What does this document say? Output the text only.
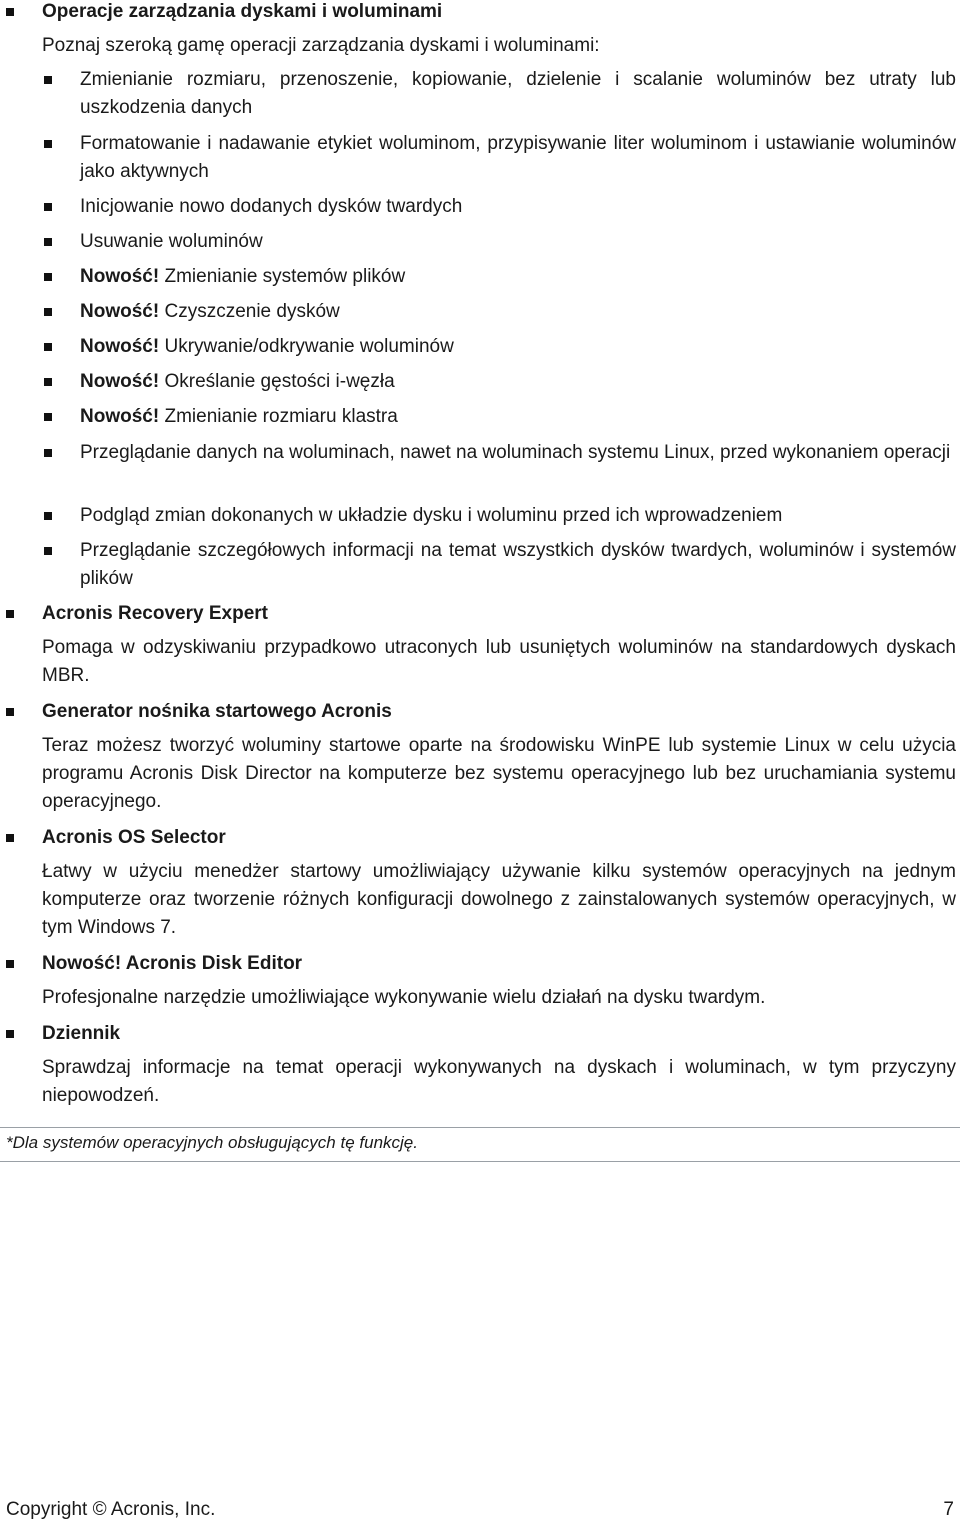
Operacje zarządzania dyskami i woluminami
Poznaj szeroką gamę operacji zarządzania dyskami i woluminami:
Zmienianie rozmiaru, przenoszenie, kopiowanie, dzielenie i scalanie woluminów bez utraty lub uszkodzenia danych
Formatowanie i nadawanie etykiet woluminom, przypisywanie liter woluminom i ustawianie woluminów jako aktywnych
Inicjowanie nowo dodanych dysków twardych
Usuwanie woluminów
Nowość! Zmienianie systemów plików
Nowość! Czyszczenie dysków
Nowość! Ukrywanie/odkrywanie woluminów
Nowość! Określanie gęstości i-węzła
Nowość! Zmienianie rozmiaru klastra
Przeglądanie danych na woluminach, nawet na woluminach systemu Linux, przed wykonaniem operacji
Podgląd zmian dokonanych w układzie dysku i woluminu przed ich wprowadzeniem
Przeglądanie szczegółowych informacji na temat wszystkich dysków twardych, woluminów i systemów plików
Acronis Recovery Expert
Pomaga w odzyskiwaniu przypadkowo utraconych lub usuniętych woluminów na standardowych dyskach MBR.
Generator nośnika startowego Acronis
Teraz możesz tworzyć woluminy startowe oparte na środowisku WinPE lub systemie Linux w celu użycia programu Acronis Disk Director na komputerze bez systemu operacyjnego lub bez uruchamiania systemu operacyjnego.
Acronis OS Selector
Łatwy w użyciu menedżer startowy umożliwiający używanie kilku systemów operacyjnych na jednym komputerze oraz tworzenie różnych konfiguracji dowolnego z zainstalowanych systemów operacyjnych, w tym Windows 7.
Nowość! Acronis Disk Editor
Profesjonalne narzędzie umożliwiające wykonywanie wielu działań na dysku twardym.
Dziennik
Sprawdzaj informacje na temat operacji wykonywanych na dyskach i woluminach, w tym przyczyny niepowodzeń.
*Dla systemów operacyjnych obsługujących tę funkcję.
Copyright © Acronis, Inc.	7
